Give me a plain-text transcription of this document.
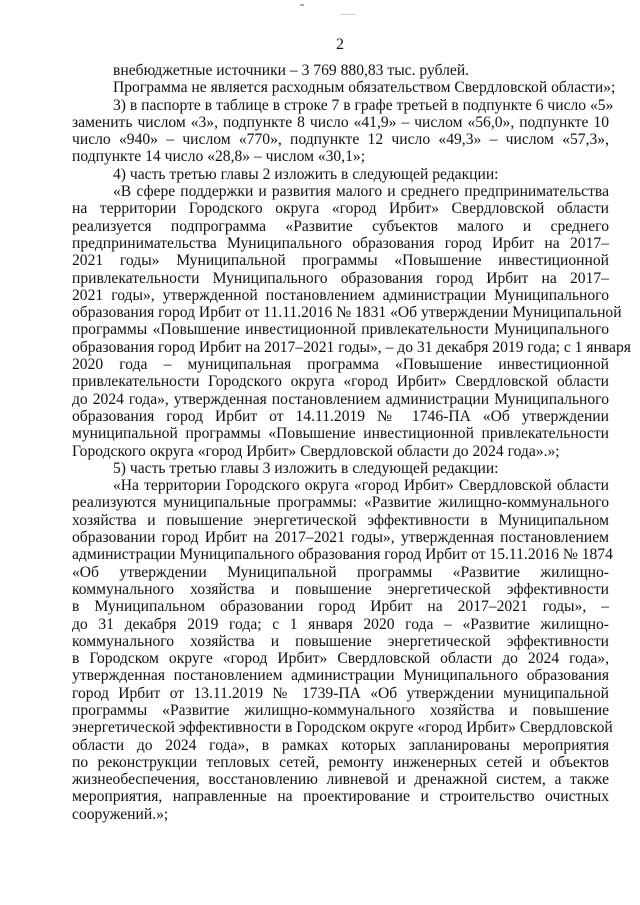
2
внебюджетные источники – 3 769 880,83 тыс. рублей.
Программа не является расходным обязательством Свердловской области»;
3) в паспорте в таблице в строке 7 в графе третьей в подпункте 6 число «5»
заменить числом «3», подпункте 8 число «41,9» – числом «56,0», подпункте 10
число «940» – числом «770», подпункте 12 число «49,3» – числом «57,3»,
подпункте 14 число «28,8» – числом «30,1»;
4) часть третью главы 2 изложить в следующей редакции:
«В сфере поддержки и развития малого и среднего предпринимательства
на территории Городского округа «город Ирбит» Свердловской области
реализуется подпрограмма «Развитие субъектов малого и среднего
предпринимательства Муниципального образования город Ирбит на 2017–
2021 годы» Муниципальной программы «Повышение инвестиционной
привлекательности Муниципального образования город Ирбит на 2017–
2021 годы», утвержденной постановлением администрации Муниципального
образования город Ирбит от 11.11.2016 № 1831 «Об утверждении Муниципальной
программы «Повышение инвестиционной привлекательности Муниципального
образования город Ирбит на 2017–2021 годы», – до 31 декабря 2019 года; с 1 января
2020 года – муниципальная программа «Повышение инвестиционной
привлекательности Городского округа «город Ирбит» Свердловской области
до 2024 года», утвержденная постановлением администрации Муниципального
образования город Ирбит от 14.11.2019 № 1746-ПА «Об утверждении
муниципальной программы «Повышение инвестиционной привлекательности
Городского округа «город Ирбит» Свердловской области до 2024 года».»;
5) часть третью главы 3 изложить в следующей редакции:
«На территории Городского округа «город Ирбит» Свердловской области
реализуются муниципальные программы: «Развитие жилищно-коммунального
хозяйства и повышение энергетической эффективности в Муниципальном
образовании город Ирбит на 2017–2021 годы», утвержденная постановлением
администрации Муниципального образования город Ирбит от 15.11.2016 № 1874
«Об утверждении Муниципальной программы «Развитие жилищно-
коммунального хозяйства и повышение энергетической эффективности
в Муниципальном образовании город Ирбит на 2017–2021 годы», –
до 31 декабря 2019 года; с 1 января 2020 года – «Развитие жилищно-
коммунального хозяйства и повышение энергетической эффективности
в Городском округе «город Ирбит» Свердловской области до 2024 года»,
утвержденная постановлением администрации Муниципального образования
город Ирбит от 13.11.2019 № 1739-ПА «Об утверждении муниципальной
программы «Развитие жилищно-коммунального хозяйства и повышение
энергетической эффективности в Городском округе «город Ирбит» Свердловской
области до 2024 года», в рамках которых запланированы мероприятия
по реконструкции тепловых сетей, ремонту инженерных сетей и объектов
жизнеобеспечения, восстановлению ливневой и дренажной систем, а также
мероприятия, направленные на проектирование и строительство очистных
сооружений.»;
